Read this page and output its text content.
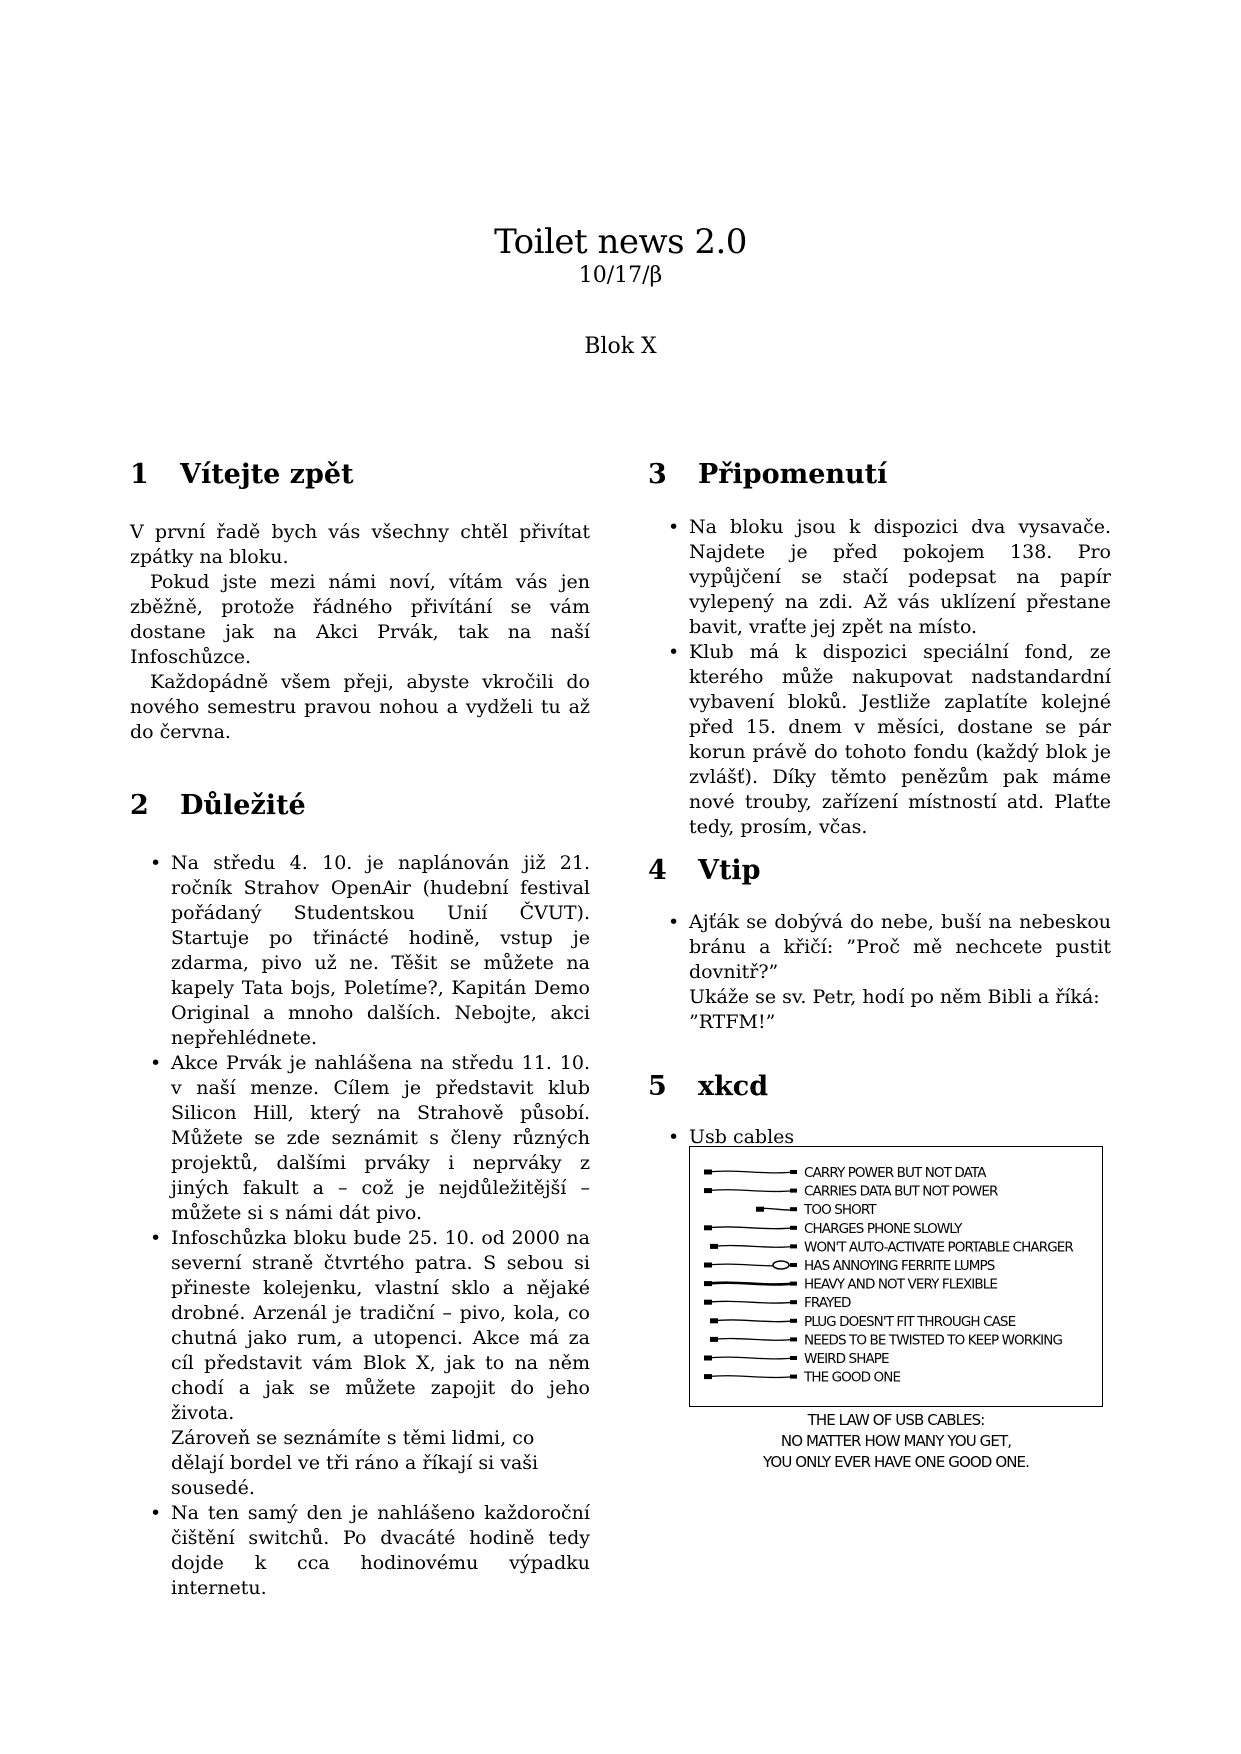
Toilet news 2.0
10/17/β
Blok X
1 Vítejte zpět

V první řadě bych vás všechny chtěl přivítat zpátky na bloku.

Pokud jste mezi námi noví, vítám vás jen zběžně, protože řádného přivítání se vám dostane jak na Akci Prvák, tak na naší Infoschůzce.

Každopádně všem přeji, abyste vkročili do nového semestru pravou nohou a vydželi tu až do června.

2 Důležité
• Na středu 4. 10. je naplánován již 21. ročník Strahov OpenAir (hudební festival pořádaný Studentskou Unií ČVUT). Startuje po třinácté hodině, vstup je zdarma, pivo už ne. Těšit se můžete na kapely Tata bojs, Poletíme?, Kapitán Demo Original a mnoho dalších. Nebojte, akci nepřehlédnete.
• Akce Prvák je nahlášena na středu 11. 10. v naší menze. Cílem je představit klub Silicon Hill, který na Strahově působí. Můžete se zde seznámit s členy různých projektů, dalšími prváky i neprváky z jiných fakult a – což je nejdůležitější – můžete si s námi dát pivo.
• Infoschůzka bloku bude 25. 10. od 2000 na severní straně čtvrtého patra. S sebou si přineste kolejenku, vlastní sklo a nějaké drobné. Arzenál je tradiční – pivo, kola, co chutná jako rum, a utopenci. Akce má za cíl představit vám Blok X, jak to na něm chodí a jak se můžete zapojit do jeho života.
Zároveň se seznámíte s těmi lidmi, co dělají bordel ve tři ráno a říkají si vaši sousedé.
• Na ten samý den je nahlášeno každoroční čištění switchů. Po dvacáté hodině tedy dojde k cca hodinovému výpadku internetu.
3 Připomenutí
• Na bloku jsou k dispozici dva vysavače. Najdete je před pokojem 138. Pro vypůjčení se stačí podepsat na papír vylepený na zdi. Až vás uklízení přestane bavit, vraťte jej zpět na místo.
• Klub má k dispozici speciální fond, ze kterého může nakupovat nadstandardní vybavení bloků. Jestliže zaplatíte kolejné před 15. dnem v měsíci, dostane se pár korun právě do tohoto fondu (každý blok je zvlášť). Díky těmto penězům pak máme nové trouby, zařízení místností atd. Plaťte tedy, prosím, včas.
4 Vtip
• Ajťák se dobývá do nebe, buší na nebeskou bránu a křičí: ”Proč mě nechcete pustit dovnitř?”
Ukáže se sv. Petr, hodí po něm Bibli a říká: ”RTFM!”
5 xkcd
• Usb cables
CARRY POWER BUT NOT DATA
CARRIES DATA BUT NOT POWER
TOO SHORT
CHARGES PHONE SLOWLY
WON'T AUTO-ACTIVATE PORTABLE CHARGER
HAS ANNOYING FERRITE LUMPS
HEAVY AND NOT VERY FLEXIBLE
FRAYED
PLUG DOESN'T FIT THROUGH CASE
NEEDS TO BE TWISTED TO KEEP WORKING
WEIRD SHAPE
THE GOOD ONE
THE LAW OF USB CABLES:
NO MATTER HOW MANY YOU GET,
YOU ONLY EVER HAVE ONE GOOD ONE.
